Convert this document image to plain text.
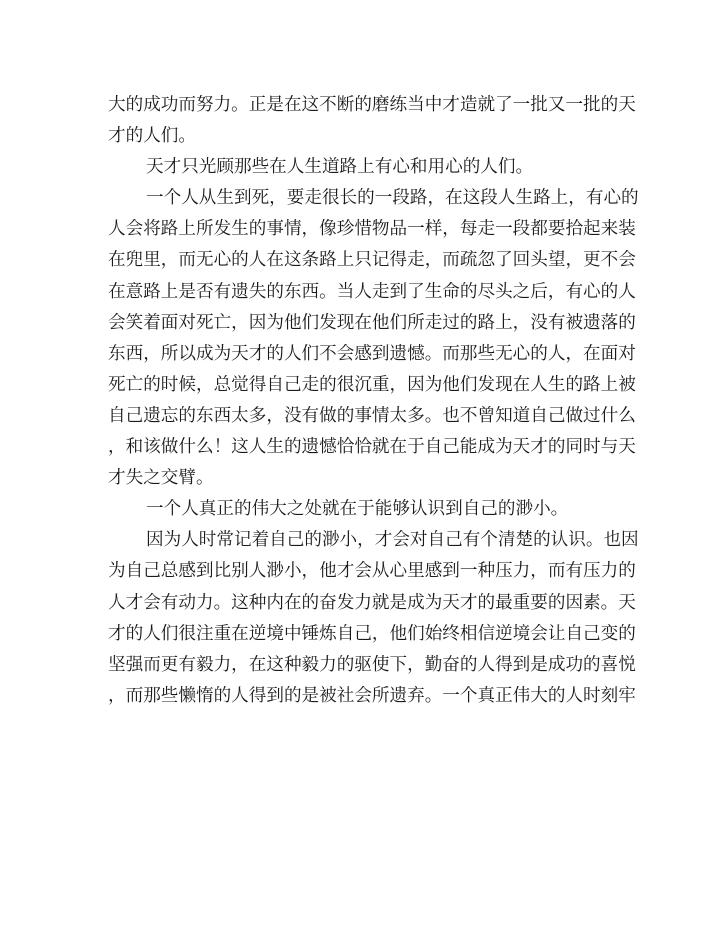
大的成功而努力。正是在这不断的磨练当中才造就了一批又一批的天
才的人们。
天才只光顾那些在人生道路上有心和用心的人们。
一个人从生到死，要走很长的一段路，在这段人生路上，有心的
人会将路上所发生的事情，像珍惜物品一样，每走一段都要拾起来装
在兜里，而无心的人在这条路上只记得走，而疏忽了回头望，更不会
在意路上是否有遗失的东西。当人走到了生命的尽头之后，有心的人
会笑着面对死亡，因为他们发现在他们所走过的路上，没有被遗落的
东西，所以成为天才的人们不会感到遗憾。而那些无心的人，在面对
死亡的时候，总觉得自己走的很沉重，因为他们发现在人生的路上被
自己遗忘的东西太多，没有做的事情太多。也不曾知道自己做过什么
，和该做什么！这人生的遗憾恰恰就在于自己能成为天才的同时与天
才失之交臂。
一个人真正的伟大之处就在于能够认识到自己的渺小。
因为人时常记着自己的渺小，才会对自己有个清楚的认识。也因
为自己总感到比别人渺小，他才会从心里感到一种压力，而有压力的
人才会有动力。这种内在的奋发力就是成为天才的最重要的因素。天
才的人们很注重在逆境中锤炼自己，他们始终相信逆境会让自己变的
坚强而更有毅力，在这种毅力的驱使下，勤奋的人得到是成功的喜悦
，而那些懒惰的人得到的是被社会所遗弃。一个真正伟大的人时刻牢
